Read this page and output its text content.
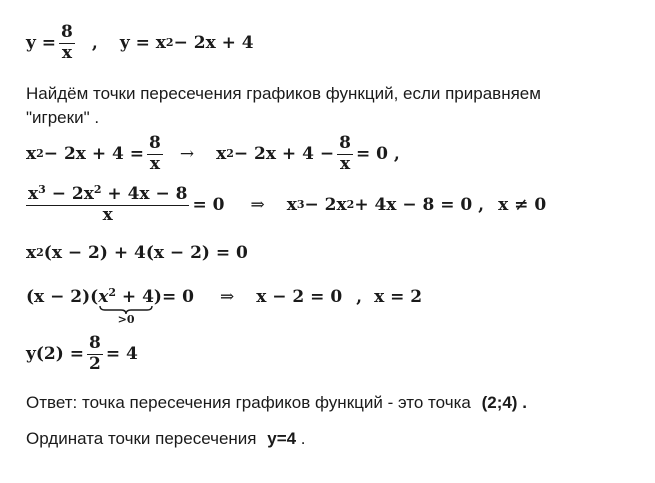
$y = \frac{8}{x}$ , y = x 2 − 2x + 4
Найдём точки пересечения графиков функций, если приравняем
"игреки" .
x $2 - 2x + 4 = \frac{8}{x} \to x$ $2 - 2x + 4 - \frac{8}{x} = 0$ ,
$\frac{x^3 - 2x^2 + 4x - 8}{x} = 0$ ⇒ x 3 − 2x 2 + 4x − 8 = 0 , x ≠ 0
x 2 (x − 2) + 4(x − 2) = 0
(x − 2) ( $x^2 + 4$
>0
) = 0 ⇒ x − 2 = 0 , x = 2
$y(2) = \frac{8}{2} = 4$
Ответ: точка пересечения графиков функций - это точка (2;4) .
Ордината точки пересечения y=4 .
